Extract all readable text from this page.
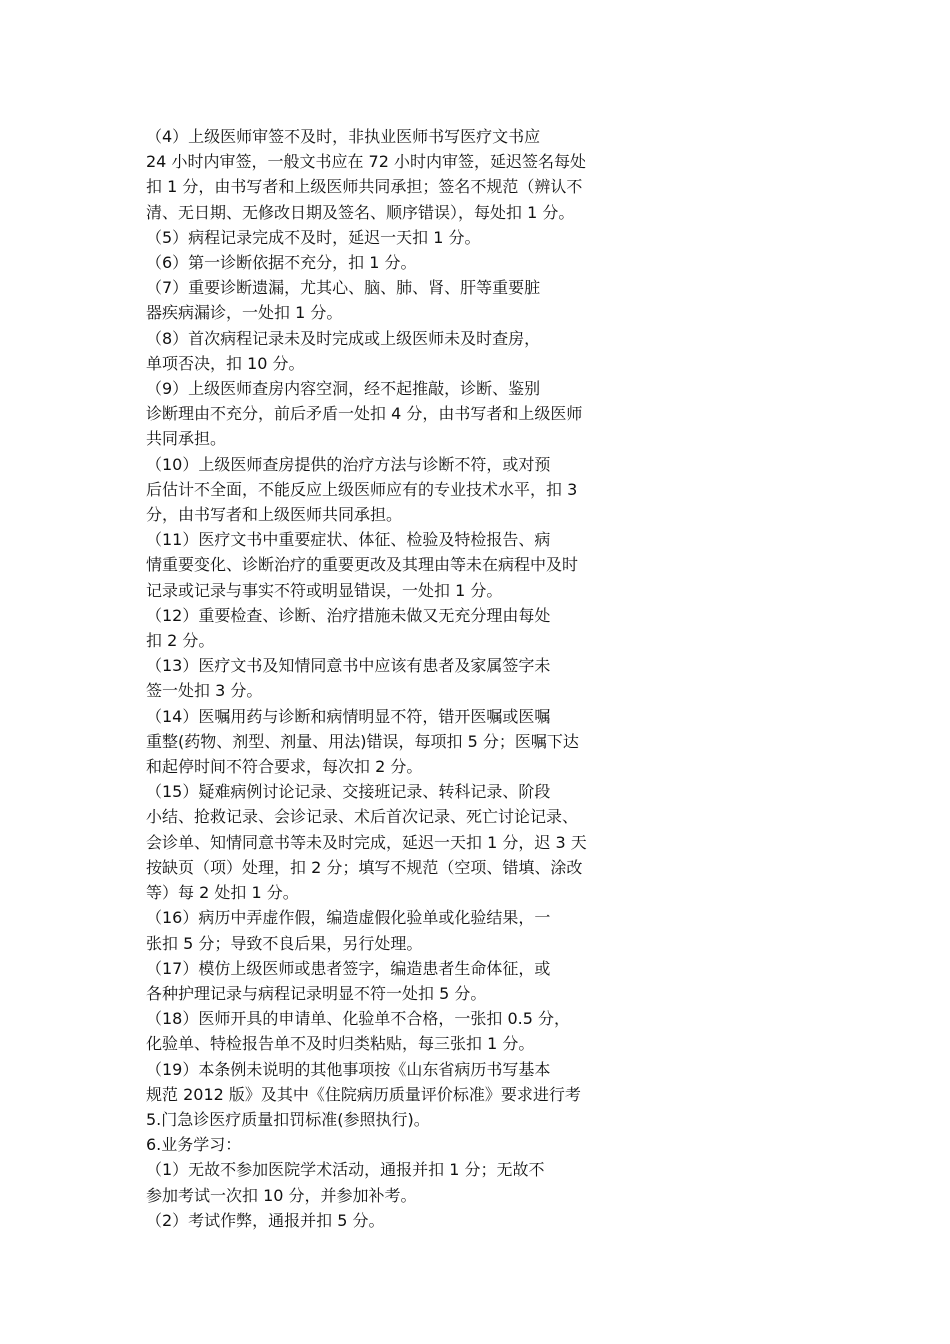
（4）上级医师审签不及时，非执业医师书写医疗文书应
24 小时内审签，一般文书应在 72 小时内审签，延迟签名每处
扣 1 分，由书写者和上级医师共同承担；签名不规范（辨认不
清、无日期、无修改日期及签名、顺序错误），每处扣 1 分。
（5）病程记录完成不及时，延迟一天扣 1 分。
（6）第一诊断依据不充分，扣 1 分。
（7）重要诊断遗漏，尤其心、脑、肺、肾、肝等重要脏
器疾病漏诊，一处扣 1 分。
（8）首次病程记录未及时完成或上级医师未及时查房，
单项否决，扣 10 分。
（9）上级医师查房内容空洞，经不起推敲，诊断、鉴别
诊断理由不充分，前后矛盾一处扣 4 分，由书写者和上级医师
共同承担。
（10）上级医师查房提供的治疗方法与诊断不符，或对预
后估计不全面，不能反应上级医师应有的专业技术水平，扣 3
分，由书写者和上级医师共同承担。
（11）医疗文书中重要症状、体征、检验及特检报告、病
情重要变化、诊断治疗的重要更改及其理由等未在病程中及时
记录或记录与事实不符或明显错误，一处扣 1 分。
（12）重要检查、诊断、治疗措施未做又无充分理由每处
扣 2 分。
（13）医疗文书及知情同意书中应该有患者及家属签字未
签一处扣 3 分。
（14）医嘱用药与诊断和病情明显不符，错开医嘱或医嘱
重整(药物、剂型、剂量、用法)错误，每项扣 5 分；医嘱下达
和起停时间不符合要求，每次扣 2 分。
（15）疑难病例讨论记录、交接班记录、转科记录、阶段
小结、抢救记录、会诊记录、术后首次记录、死亡讨论记录、
会诊单、知情同意书等未及时完成，延迟一天扣 1 分，迟 3 天
按缺页（项）处理，扣 2 分；填写不规范（空项、错填、涂改
等）每 2 处扣 1 分。
（16）病历中弄虚作假，编造虚假化验单或化验结果，一
张扣 5 分；导致不良后果，另行处理。
（17）模仿上级医师或患者签字，编造患者生命体征，或
各种护理记录与病程记录明显不符一处扣 5 分。
（18）医师开具的申请单、化验单不合格，一张扣 0.5 分，
化验单、特检报告单不及时归类粘贴，每三张扣 1 分。
（19）本条例未说明的其他事项按《山东省病历书写基本
规范 2012 版》及其中《住院病历质量评价标准》要求进行考
5.门急诊医疗质量扣罚标准(参照执行)。
6.业务学习：
（1）无故不参加医院学术活动，通报并扣 1 分；无故不
参加考试一次扣 10 分，并参加补考。
（2）考试作弊，通报并扣 5 分。
